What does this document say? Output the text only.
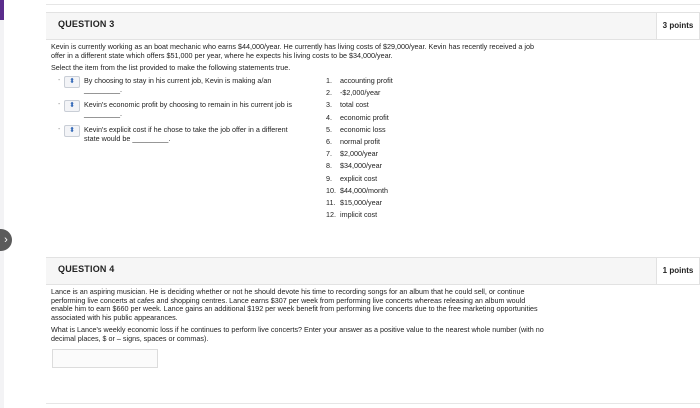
›
QUESTION 3	3 points
Kevin is currently working as an boat mechanic who earns $44,000/year. He currently has living costs of $29,000/year. Kevin has recently received a job
offer in a different state which offers $51,000 per year, where he expects his living costs to be $34,000/year.
Select the item from the list provided to make the following statements true.
-	⬍	By choosing to stay in his current job, Kevin is making a/an
_________.
-	⬍	Kevin's economic profit by choosing to remain in his current job is
_________.
-	⬍	Kevin's explicit cost if he chose to take the job offer in a different
state would be _________.
1. accounting profit
2. -$2,000/year
3. total cost
4. economic profit
5. economic loss
6. normal profit
7. $2,000/year
8. $34,000/year
9. explicit cost
10. $44,000/month
11. $15,000/year
12. implicit cost
QUESTION 4	1 points
Lance is an aspiring musician. He is deciding whether or not he should devote his time to recording songs for an album that he could sell, or continue
performing live concerts at cafes and shopping centres. Lance earns $307 per week from performing live concerts whereas releasing an album would
enable him to earn $660 per week. Lance gains an additional $192 per week benefit from performing live concerts due to the free marketing opportunities
associated with his public appearances.
What is Lance's weekly economic loss if he continues to perform live concerts? Enter your answer as a positive value to the nearest whole number (with no
decimal places, $ or – signs, spaces or commas).
